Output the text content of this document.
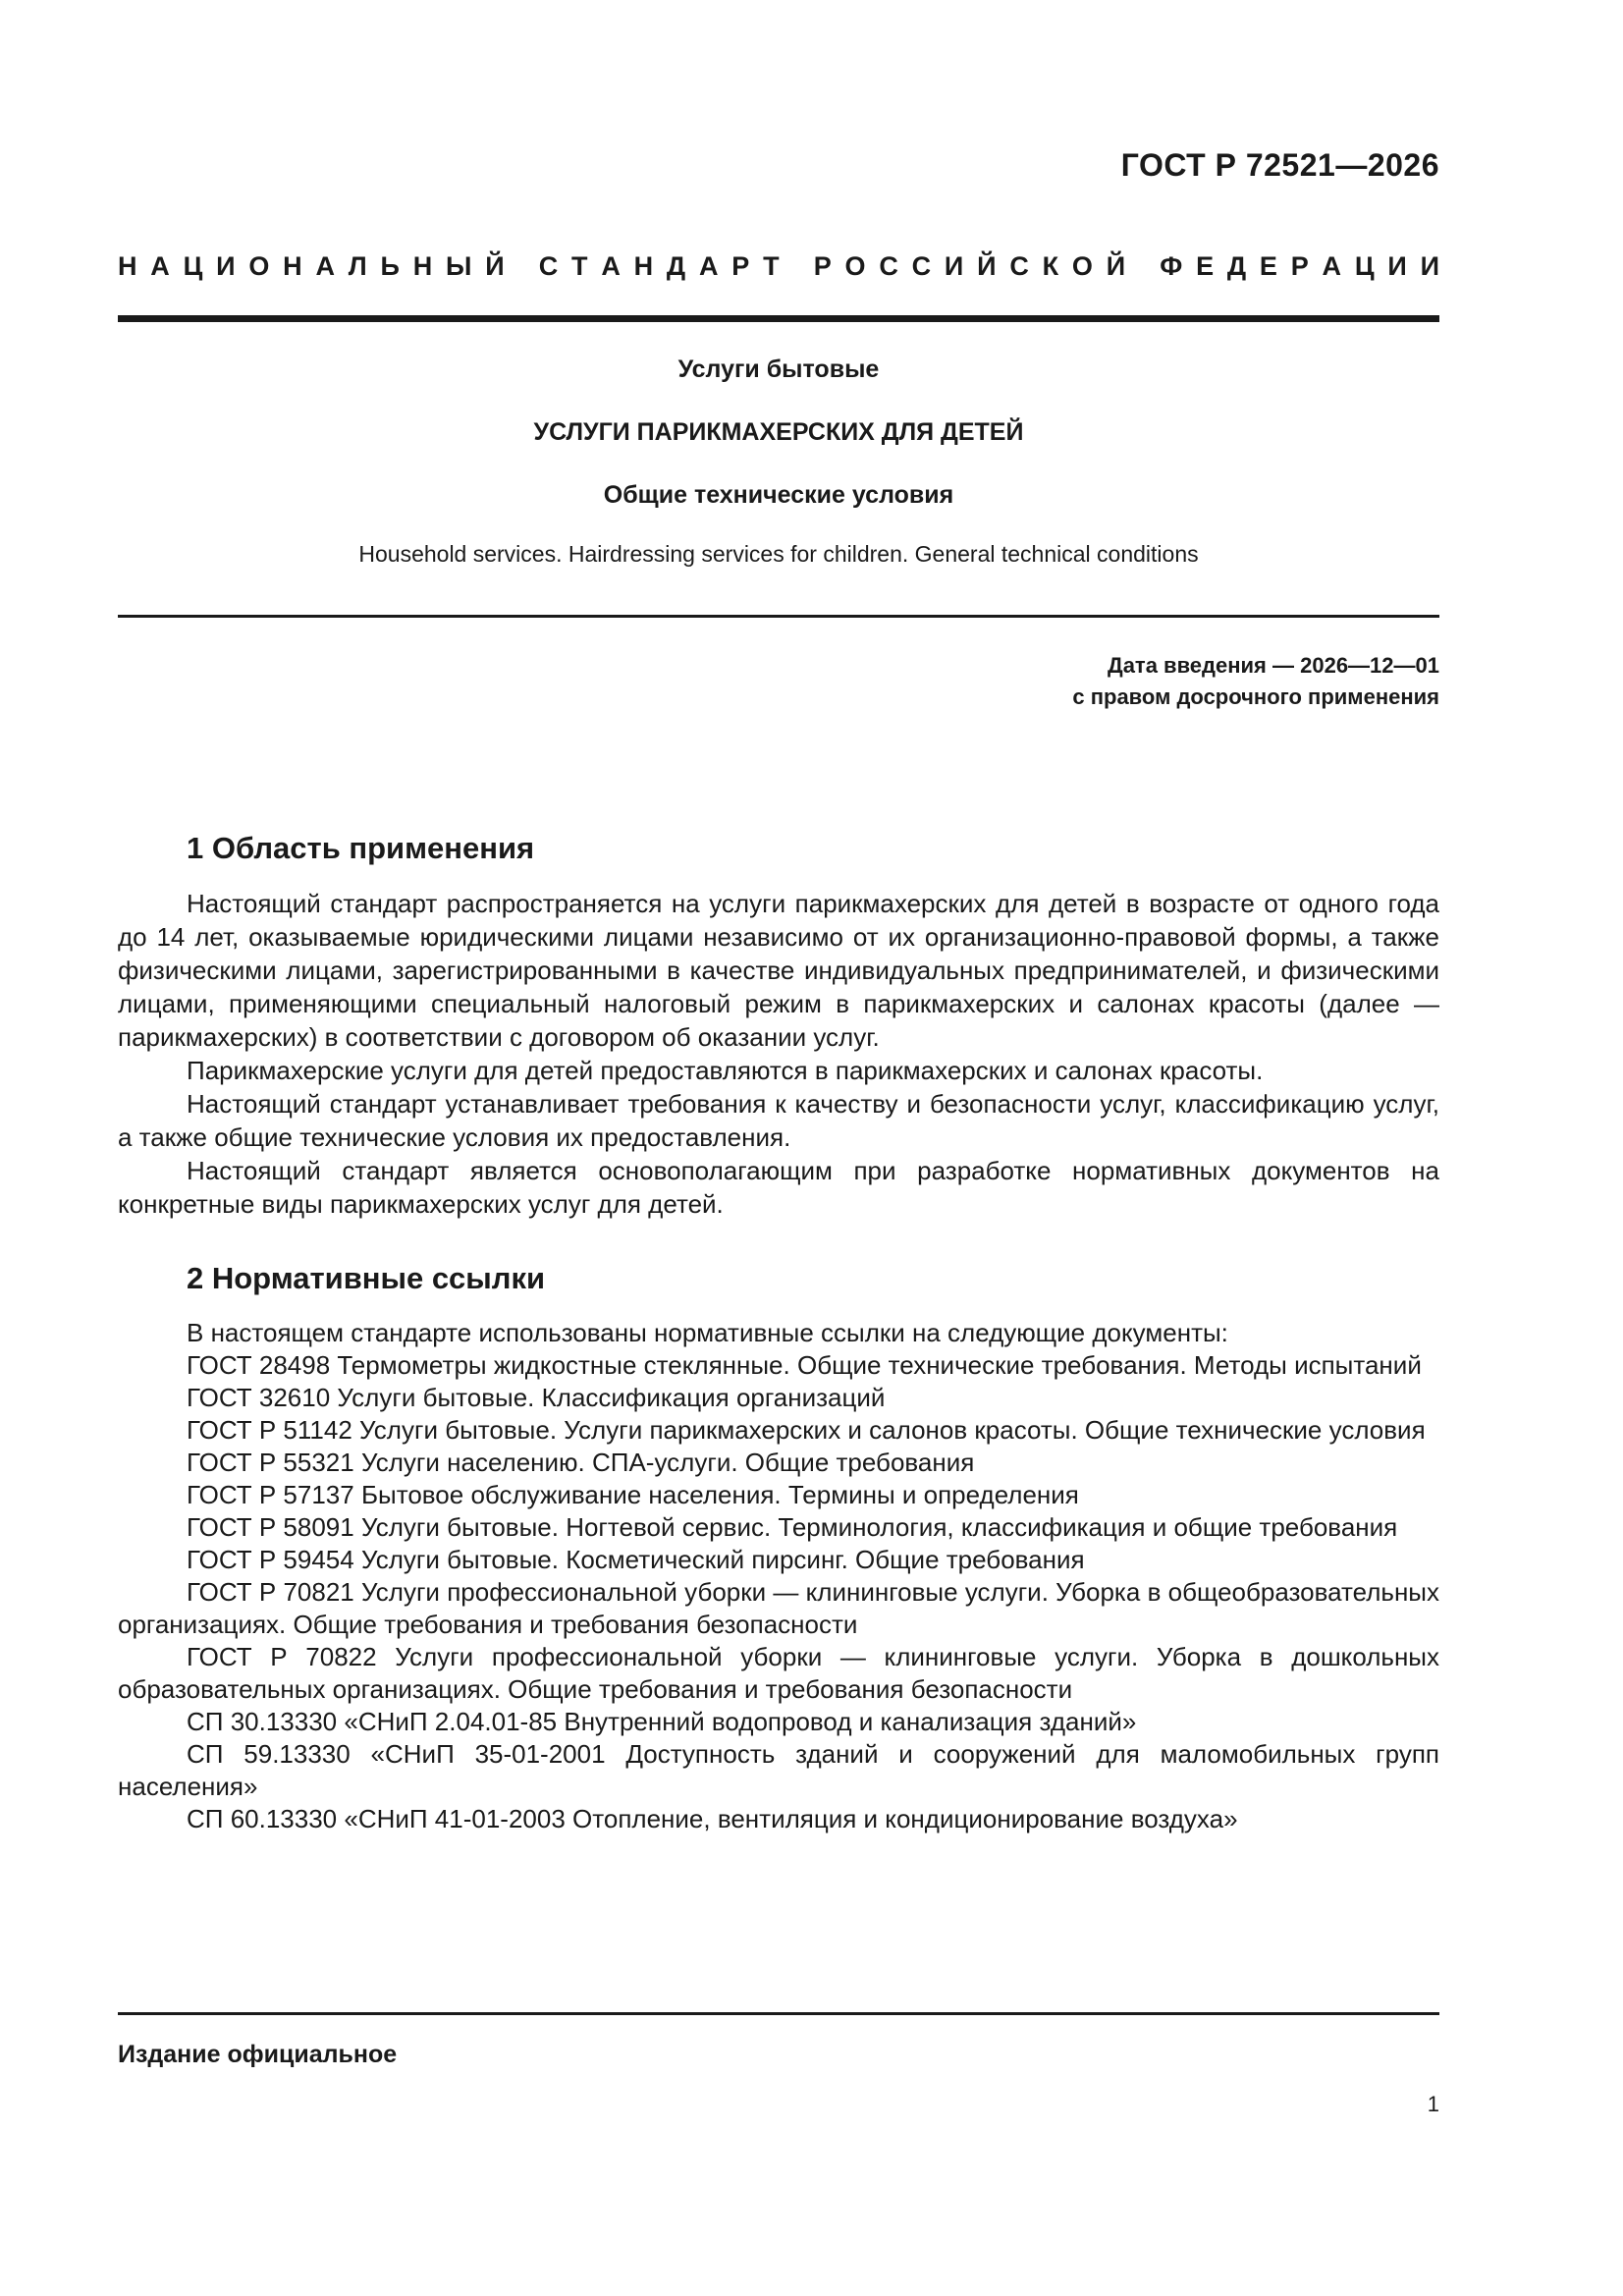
ГОСТ Р 72521—2026
Н А Ц И О Н А Л Ь Н Ы Й
С Т А Н Д А Р Т
Р О С С И Й С К О Й
Ф Е Д Е Р А Ц И И
Услуги бытовые
УСЛУГИ ПАРИКМАХЕРСКИХ ДЛЯ ДЕТЕЙ
Общие технические условия
Household services. Hairdressing services for children. General technical conditions
Дата введения — 2026—12—01
с правом досрочного применения
1 Область применения

Настоящий стандарт распространяется на услуги парикмахерских для детей в возрасте от одного года до 14 лет, оказываемые юридическими лицами независимо от их организационно-правовой формы, а также физическими лицами, зарегистрированными в качестве индивидуальных предпринимателей, и физическими лицами, применяющими специальный налоговый режим в парикмахерских и салонах красоты (далее — парикмахерских) в соответствии с договором об оказании услуг.

Парикмахерские услуги для детей предоставляются в парикмахерских и салонах красоты.

Настоящий стандарт устанавливает требования к качеству и безопасности услуг, классификацию услуг, а также общие технические условия их предоставления.

Настоящий стандарт является основополагающим при разработке нормативных документов на конкретные виды парикмахерских услуг для детей.

2 Нормативные ссылки

В настоящем стандарте использованы нормативные ссылки на следующие документы:

ГОСТ 28498 Термометры жидкостные стеклянные. Общие технические требования. Методы испытаний

ГОСТ 32610 Услуги бытовые. Классификация организаций

ГОСТ Р 51142 Услуги бытовые. Услуги парикмахерских и салонов красоты. Общие технические условия

ГОСТ Р 55321 Услуги населению. СПА-услуги. Общие требования

ГОСТ Р 57137 Бытовое обслуживание населения. Термины и определения

ГОСТ Р 58091 Услуги бытовые. Ногтевой сервис. Терминология, классификация и общие требования

ГОСТ Р 59454 Услуги бытовые. Косметический пирсинг. Общие требования

ГОСТ Р 70821 Услуги профессиональной уборки — клининговые услуги. Уборка в общеобразовательных организациях. Общие требования и требования безопасности

ГОСТ Р 70822 Услуги профессиональной уборки — клининговые услуги. Уборка в дошкольных образовательных организациях. Общие требования и требования безопасности

СП 30.13330 «СНиП 2.04.01-85 Внутренний водопровод и канализация зданий»

СП 59.13330 «СНиП 35-01-2001 Доступность зданий и сооружений для маломобильных групп населения»

СП 60.13330 «СНиП 41-01-2003 Отопление, вентиляция и кондиционирование воздуха»

Издание официальное
1
